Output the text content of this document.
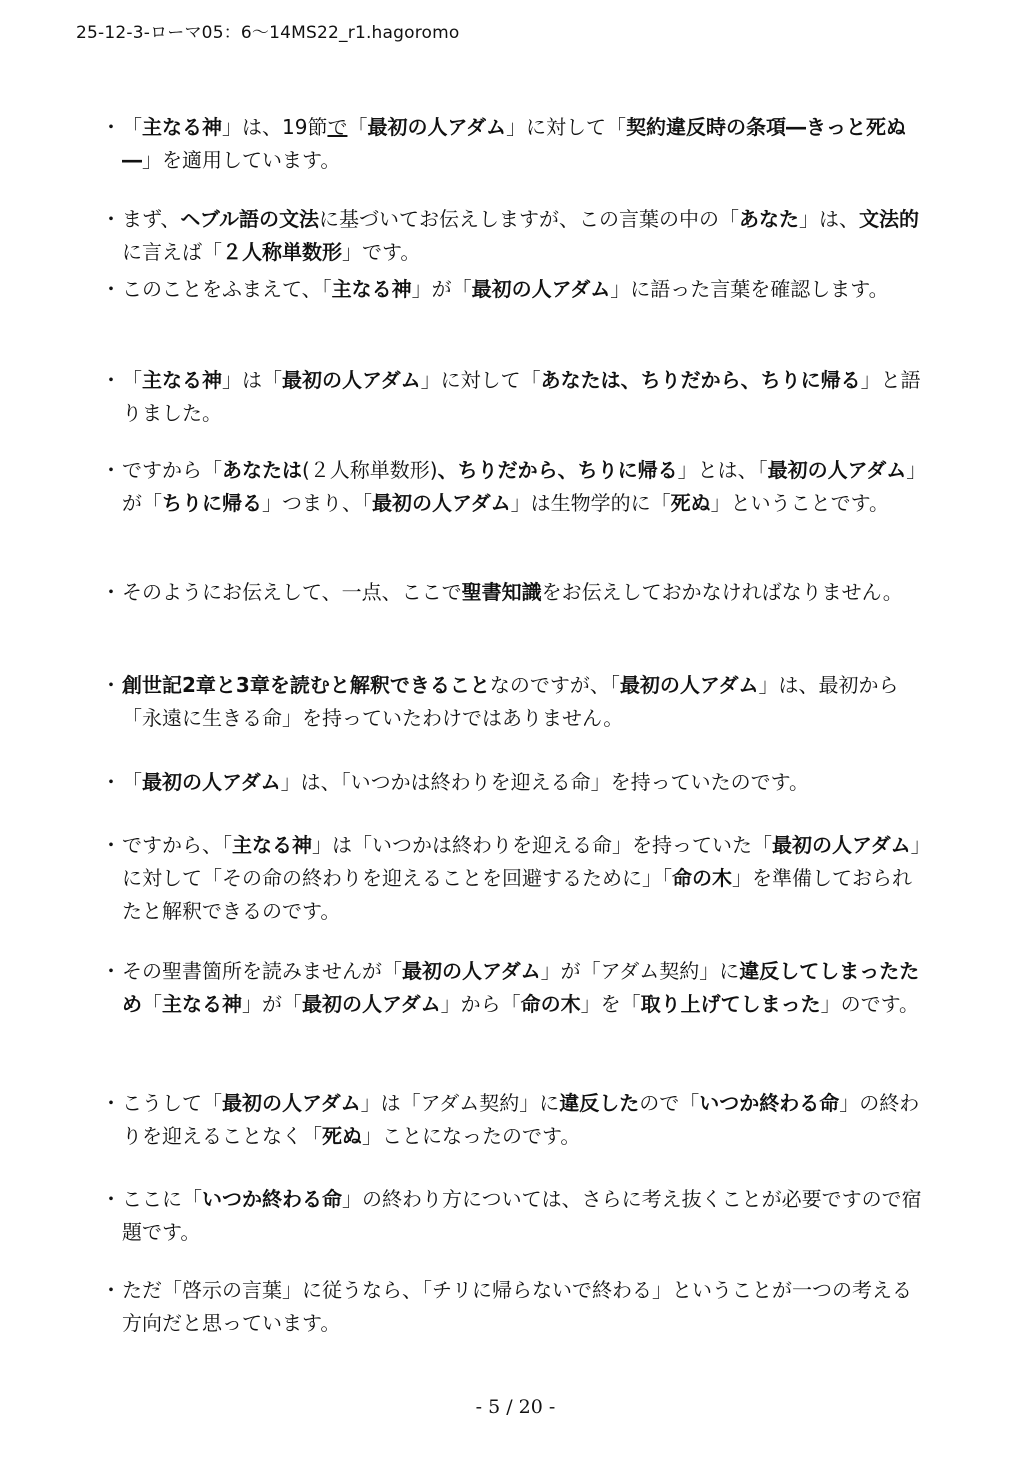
25-12-3-ローマ05：6～14MS22_r1.hagoromo
・ 「主なる神」は、19節で「最初の人アダム」に対して「契約違反時の条項―きっと死ぬ―」を適用しています。
・ まず、ヘブル語の文法に基づいてお伝えしますが、この言葉の中の「あなた」は、文法的に言えば「２人称単数形」です。
・ このことをふまえて、「主なる神」が「最初の人アダム」に語った言葉を確認します。
・ 「主なる神」は「最初の人アダム」に対して「あなたは、ちりだから、ちりに帰る」と語りました。
・ ですから「あなたは(２人称単数形)、ちりだから、ちりに帰る」とは、「最初の人アダム」が「ちりに帰る」つまり、「最初の人アダム」は生物学的に「死ぬ」ということです。
・ そのようにお伝えして、一点、ここで聖書知識をお伝えしておかなければなりません。
・ 創世記2章と3章を読むと解釈できることなのですが、「最初の人アダム」は、最初から「永遠に生きる命」を持っていたわけではありません。
・ 「最初の人アダム」は、「いつかは終わりを迎える命」を持っていたのです。
・ ですから、「主なる神」は「いつかは終わりを迎える命」を持っていた「最初の人アダム」に対して「その命の終わりを迎えることを回避するために」「命の木」を準備しておられたと解釈できるのです。
・ その聖書箇所を読みませんが「最初の人アダム」が「アダム契約」に違反してしまったため「主なる神」が「最初の人アダム」から「命の木」を「取り上げてしまった」のです。
・ こうして「最初の人アダム」は「アダム契約」に違反したので「いつか終わる命」の終わりを迎えることなく「死ぬ」ことになったのです。
・ ここに「いつか終わる命」の終わり方については、さらに考え抜くことが必要ですので宿題です。
・ ただ「啓示の言葉」に従うなら、「チリに帰らないで終わる」ということが一つの考える方向だと思っています。
- 5 / 20 -
